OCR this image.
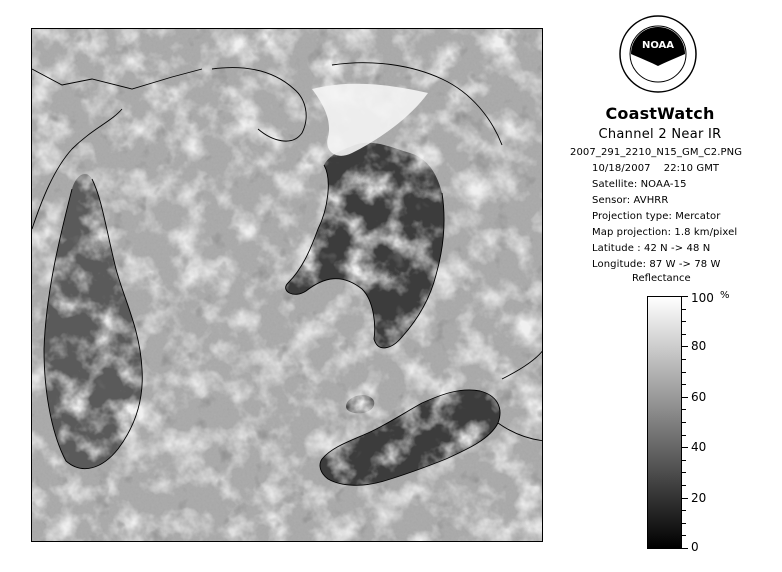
NOAA
CoastWatch
Channel 2 Near IR
2007_291_2210_N15_GM_C2.PNG
10/18/2007    22:10 GMT
Satellite: NOAA-15
Sensor: AVHRR
Projection type: Mercator
Map projection: 1.8 km/pixel
Latitude : 42 N -> 48 N
Longitude: 87 W -> 78 W
Reflectance
100
80
60
40
20
0
%
